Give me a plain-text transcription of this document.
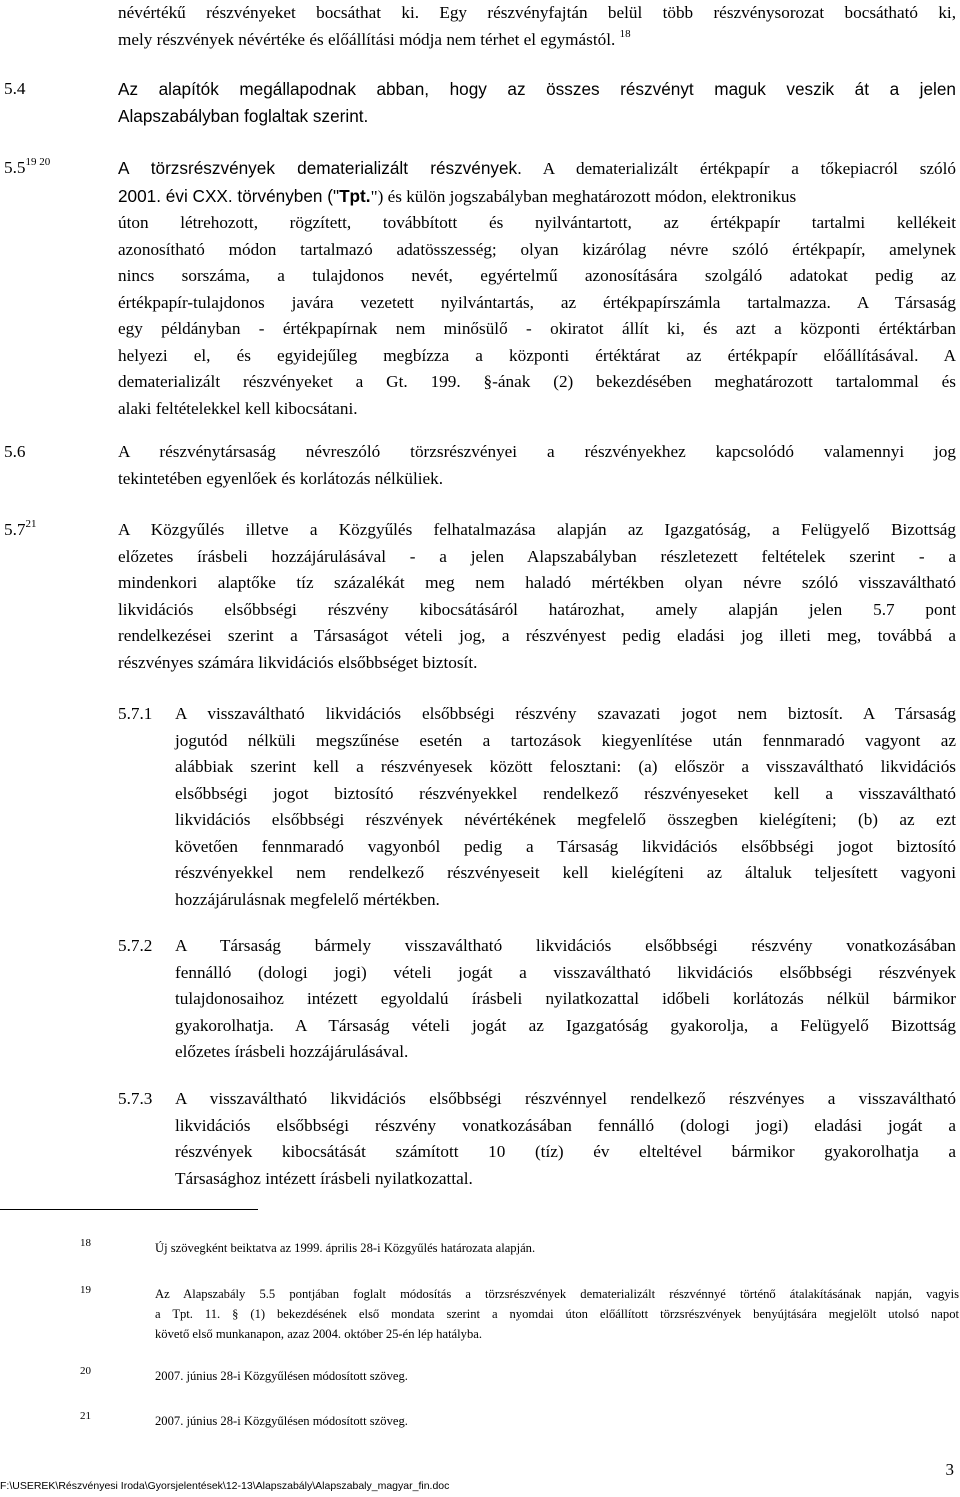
névértékű részvényeket bocsáthat ki. Egy részvényfajtán belül több részvénysorozat bocsátható ki,
mely részvények névértéke és előállítási módja nem térhet el egymástól. $^{18}$
5.4	Az alapítók megállapodnak abban, hogy az összes részvényt maguk veszik át a jelen
Alapszabályban foglaltak szerint.
$5.5^{19 20}$	A törzsrészvények dematerializált részvények. A dematerializált értékpapír a tőkepiacról szóló
2001. évi CXX. törvényben ("Tpt.") és külön jogszabályban meghatározott módon, elektronikus
úton létrehozott, rögzített, továbbított és nyilvántartott, az értékpapír tartalmi kellékeit
azonosítható módon tartalmazó adatösszesség; olyan kizárólag névre szóló értékpapír, amelynek
nincs sorszáma, a tulajdonos nevét, egyértelmű azonosítására szolgáló adatokat pedig az
értékpapír-tulajdonos javára vezetett nyilvántartás, az értékpapírszámla tartalmazza. A Társaság
egy példányban - értékpapírnak nem minősülő - okiratot állít ki, és azt a központi értéktárban
helyezi el, és egyidejűleg megbízza a központi értéktárat az értékpapír előállításával. A
dematerializált részvényeket a Gt. 199. §-ának (2) bekezdésében meghatározott tartalommal és
alaki feltételekkel kell kibocsátani.
5.6	A részvénytársaság névreszóló törzsrészvényei a részvényekhez kapcsolódó valamennyi jog
tekintetében egyenlőek és korlátozás nélküliek.
$5.7^{21}$	A Közgyűlés illetve a Közgyűlés felhatalmazása alapján az Igazgatóság, a Felügyelő Bizottság
előzetes írásbeli hozzájárulásával - a jelen Alapszabályban részletezett feltételek szerint - a
mindenkori alaptőke tíz százalékát meg nem haladó mértékben olyan névre szóló visszaváltható
likvidációs elsőbbségi részvény kibocsátásáról határozhat, amely alapján jelen 5.7 pont
rendelkezései szerint a Társaságot vételi jog, a részvényest pedig eladási jog illeti meg, továbbá a
részvényes számára likvidációs elsőbbséget biztosít.
5.7.1 A visszaváltható likvidációs elsőbbségi részvény szavazati jogot nem biztosít. A Társaság
jogutód nélküli megszűnése esetén a tartozások kiegyenlítése után fennmaradó vagyont az
alábbiak szerint kell a részvényesek között felosztani: (a) először a visszaváltható likvidációs
elsőbbségi jogot biztosító részvényekkel rendelkező részvényeseket kell a visszaváltható
likvidációs elsőbbségi részvények névértékének megfelelő összegben kielégíteni; (b) az ezt
követően fennmaradó vagyonból pedig a Társaság likvidációs elsőbbségi jogot biztosító
részvényekkel nem rendelkező részvényeseit kell kielégíteni az általuk teljesített vagyoni
hozzájárulásnak megfelelő mértékben.
5.7.2 A Társaság bármely visszaváltható likvidációs elsőbbségi részvény vonatkozásában
fennálló (dologi jogi) vételi jogát a visszaváltható likvidációs elsőbbségi részvények
tulajdonosaihoz intézett egyoldalú írásbeli nyilatkozattal időbeli korlátozás nélkül bármikor
gyakorolhatja. A Társaság vételi jogát az Igazgatóság gyakorolja, a Felügyelő Bizottság
előzetes írásbeli hozzájárulásával.
5.7.3 A visszaváltható likvidációs elsőbbségi részvénnyel rendelkező részvényes a visszaváltható
likvidációs elsőbbségi részvény vonatkozásában fennálló (dologi jogi) eladási jogát a
részvények kibocsátását számított 10 (tíz) év elteltével bármikor gyakorolhatja a
Társasághoz intézett írásbeli nyilatkozattal.
18	Új szövegként beiktatva az 1999. április 28-i Közgyűlés határozata alapján.
19	Az Alapszabály 5.5 pontjában foglalt módosítás a törzsrészvények dematerializált részvénnyé történő átalakításának napján, vagyis
a Tpt. 11. § (1) bekezdésének első mondata szerint a nyomdai úton előállított törzsrészvények benyújtására megjelölt utolsó napot
követő első munkanapon, azaz 2004. október 25-én lép hatályba.
20	2007. június 28-i Közgyűlésen módosított szöveg.
21	2007. június 28-i Közgyűlésen módosított szöveg.
3
F:\USEREK\Részvényesi Iroda\Gyorsjelentések\12-13\Alapszabály\Alapszabaly_magyar_fin.doc
